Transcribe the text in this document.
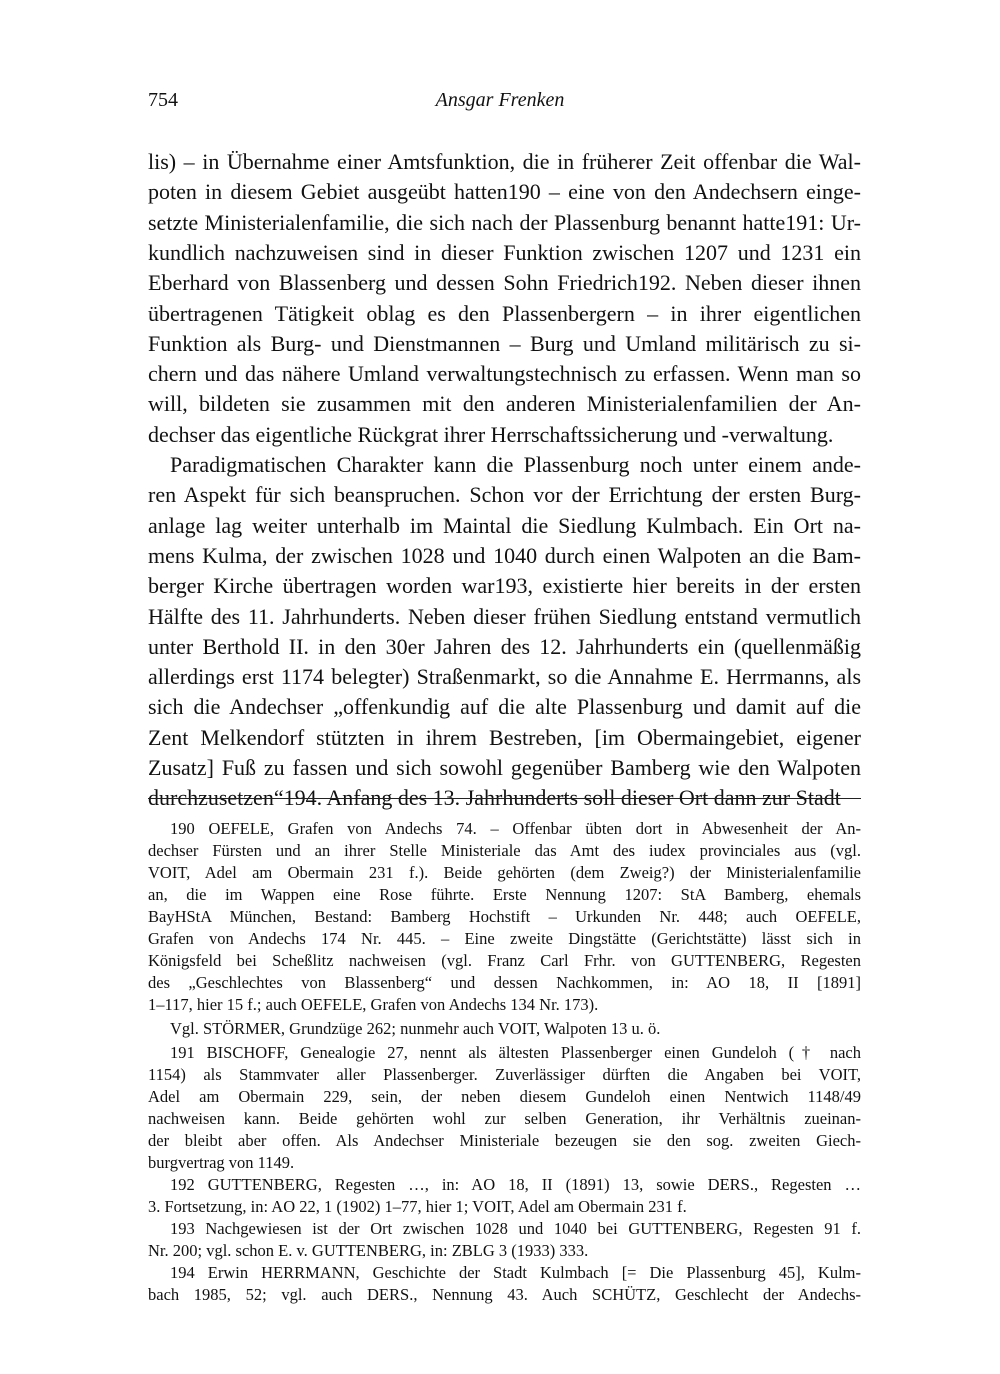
754	Ansgar Frenken
lis) – in Übernahme einer Amtsfunktion, die in früherer Zeit offenbar die Wal-
poten in diesem Gebiet ausgeübt hatten190 – eine von den Andechsern einge-
setzte Ministerialenfamilie, die sich nach der Plassenburg benannt hatte191: Ur-
kundlich nachzuweisen sind in dieser Funktion zwischen 1207 und 1231 ein
Eberhard von Blassenberg und dessen Sohn Friedrich192. Neben dieser ihnen
übertragenen Tätigkeit oblag es den Plassenbergern – in ihrer eigentlichen
Funktion als Burg- und Dienstmannen – Burg und Umland militärisch zu si-
chern und das nähere Umland verwaltungstechnisch zu erfassen. Wenn man so
will, bildeten sie zusammen mit den anderen Ministerialenfamilien der An-
dechser das eigentliche Rückgrat ihrer Herrschaftssicherung und -verwaltung.
Paradigmatischen Charakter kann die Plassenburg noch unter einem ande-
ren Aspekt für sich beanspruchen. Schon vor der Errichtung der ersten Burg-
anlage lag weiter unterhalb im Maintal die Siedlung Kulmbach. Ein Ort na-
mens Kulma, der zwischen 1028 und 1040 durch einen Walpoten an die Bam-
berger Kirche übertragen worden war193, existierte hier bereits in der ersten
Hälfte des 11. Jahrhunderts. Neben dieser frühen Siedlung entstand vermutlich
unter Berthold II. in den 30er Jahren des 12. Jahrhunderts ein (quellenmäßig
allerdings erst 1174 belegter) Straßenmarkt, so die Annahme E. Herrmanns, als
sich die Andechser „offenkundig auf die alte Plassenburg und damit auf die
Zent Melkendorf stützten in ihrem Bestreben, [im Obermaingebiet, eigener
Zusatz] Fuß zu fassen und sich sowohl gegenüber Bamberg wie den Walpoten
durchzusetzen“194. Anfang des 13. Jahrhunderts soll dieser Ort dann zur Stadt
190 OEFELE, Grafen von Andechs 74. – Offenbar übten dort in Abwesenheit der An-
dechser Fürsten und an ihrer Stelle Ministeriale das Amt des iudex provinciales aus (vgl.
VOIT, Adel am Obermain 231 f.). Beide gehörten (dem Zweig?) der Ministerialenfamilie
an, die im Wappen eine Rose führte. Erste Nennung 1207: StA Bamberg, ehemals
BayHStA München, Bestand: Bamberg Hochstift – Urkunden Nr. 448; auch OEFELE,
Grafen von Andechs 174 Nr. 445. – Eine zweite Dingstätte (Gerichtstätte) lässt sich in
Königsfeld bei Scheßlitz nachweisen (vgl. Franz Carl Frhr. von GUTTENBERG, Regesten
des „Geschlechtes von Blassenberg“ und dessen Nachkommen, in: AO 18, II [1891]
1–117, hier 15 f.; auch OEFELE, Grafen von Andechs 134 Nr. 173).
Vgl. STÖRMER, Grundzüge 262; nunmehr auch VOIT, Walpoten 13 u. ö.
191 BISCHOFF, Genealogie 27, nennt als ältesten Plassenberger einen Gundeloh († nach
1154) als Stammvater aller Plassenberger. Zuverlässiger dürften die Angaben bei VOIT,
Adel am Obermain 229, sein, der neben diesem Gundeloh einen Nentwich 1148/49
nachweisen kann. Beide gehörten wohl zur selben Generation, ihr Verhältnis zueinan-
der bleibt aber offen. Als Andechser Ministeriale bezeugen sie den sog. zweiten Giech-
burgvertrag von 1149.
192 GUTTENBERG, Regesten …, in: AO 18, II (1891) 13, sowie DERS., Regesten …
3. Fortsetzung, in: AO 22, 1 (1902) 1–77, hier 1; VOIT, Adel am Obermain 231 f.
193 Nachgewiesen ist der Ort zwischen 1028 und 1040 bei GUTTENBERG, Regesten 91 f.
Nr. 200; vgl. schon E. v. GUTTENBERG, in: ZBLG 3 (1933) 333.
194 Erwin HERRMANN, Geschichte der Stadt Kulmbach [= Die Plassenburg 45], Kulm-
bach 1985, 52; vgl. auch DERS., Nennung 43. Auch SCHÜTZ, Geschlecht der Andechs-
